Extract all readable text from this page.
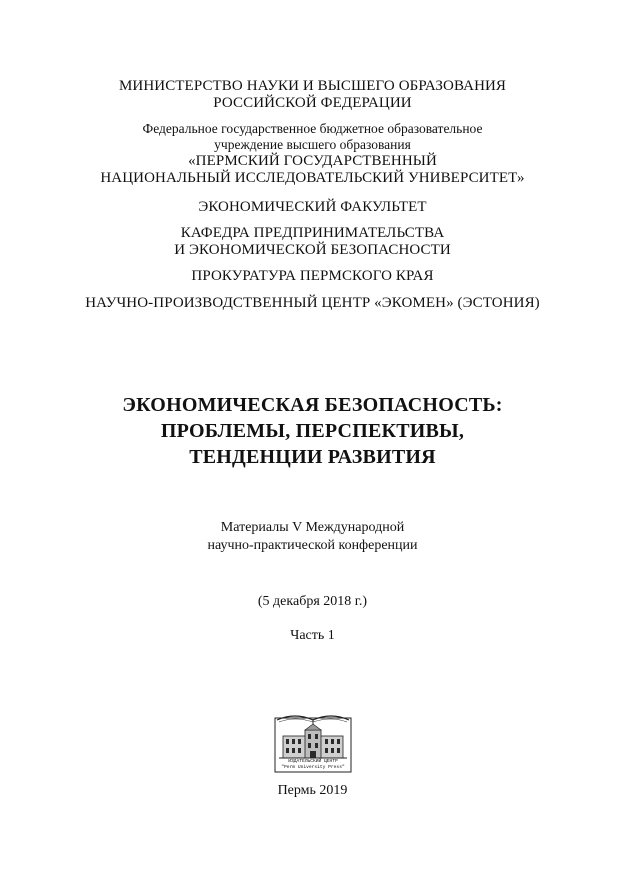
МИНИСТЕРСТВО НАУКИ И ВЫСШЕГО ОБРАЗОВАНИЯ
РОССИЙСКОЙ ФЕДЕРАЦИИ
Федеральное государственное бюджетное образовательное
учреждение высшего образования
«ПЕРМСКИЙ ГОСУДАРСТВЕННЫЙ
НАЦИОНАЛЬНЫЙ ИССЛЕДОВАТЕЛЬСКИЙ УНИВЕРСИТЕТ»
ЭКОНОМИЧЕСКИЙ ФАКУЛЬТЕТ
КАФЕДРА ПРЕДПРИНИМАТЕЛЬСТВА
И ЭКОНОМИЧЕСКОЙ БЕЗОПАСНОСТИ
ПРОКУРАТУРА ПЕРМСКОГО КРАЯ
НАУЧНО-ПРОИЗВОДСТВЕННЫЙ ЦЕНТР «ЭКОМЕН» (ЭСТОНИЯ)
ЭКОНОМИЧЕСКАЯ БЕЗОПАСНОСТЬ:
ПРОБЛЕМЫ, ПЕРСПЕКТИВЫ,
ТЕНДЕНЦИИ РАЗВИТИЯ
Материалы V Международной
научно-практической конференции
(5 декабря 2018 г.)
Часть 1
ИЗДАТЕЛЬСКИЙ ЦЕНТР
"Perm University Press"
Пермь 2019
